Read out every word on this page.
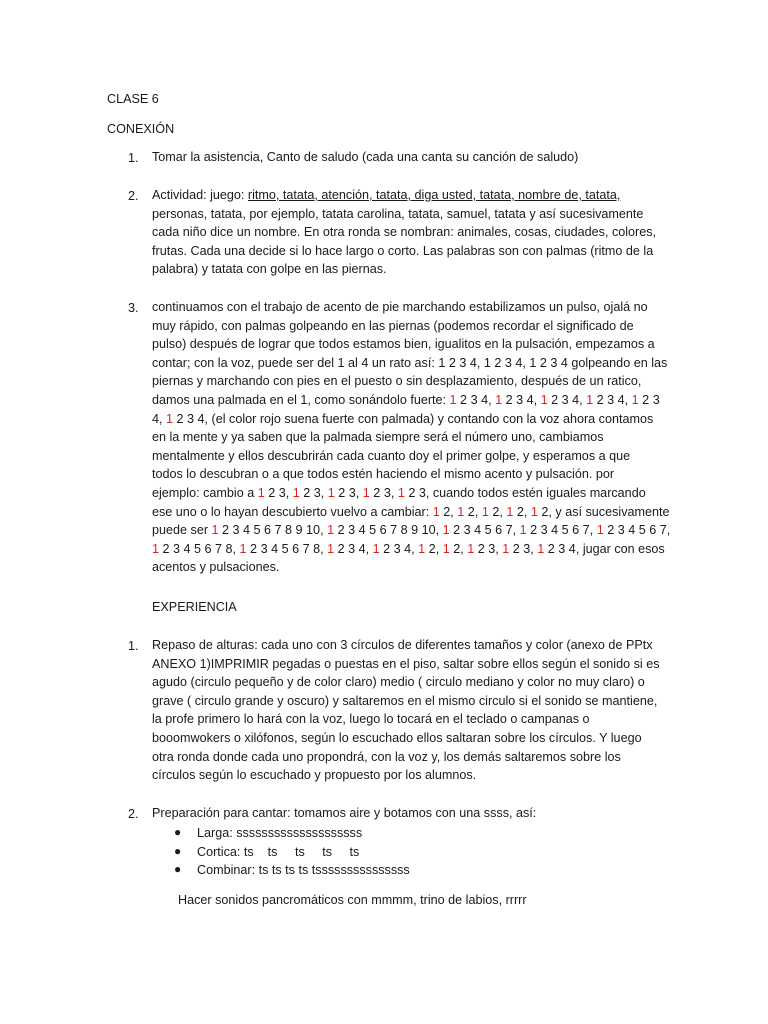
CLASE 6
CONEXIÓN
1.	Tomar la asistencia, Canto de saludo (cada una canta su canción de saludo)
2.	Actividad: juego: ritmo, tatata, atención, tatata, diga usted, tatata, nombre de, tatata,
personas, tatata, por ejemplo, tatata carolina, tatata, samuel, tatata y así sucesivamente
cada niño dice un nombre. En otra ronda se nombran: animales, cosas, ciudades, colores,
frutas. Cada una decide si lo hace largo o corto. Las palabras son con palmas (ritmo de la
palabra) y tatata con golpe en las piernas.
3.	continuamos con el trabajo de acento de pie marchando estabilizamos un pulso, ojalá no
muy rápido, con palmas golpeando en las piernas (podemos recordar el significado de
pulso) después de lograr que todos estamos bien, igualitos en la pulsación, empezamos a
contar; con la voz, puede ser del 1 al 4 un rato así: 1 2 3 4, 1 2 3 4, 1 2 3 4 golpeando en las
piernas y marchando con pies en el puesto o sin desplazamiento, después de un ratico,
damos una palmada en el 1, como sonándolo fuerte: 1 2 3 4, 1 2 3 4, 1 2 3 4, 1 2 3 4, 1 2 3
4, 1 2 3 4, (el color rojo suena fuerte con palmada) y contando con la voz ahora contamos
en la mente y ya saben que la palmada siempre será el número uno, cambiamos
mentalmente y ellos descubrirán cada cuanto doy el primer golpe, y esperamos a que
todos lo descubran o a que todos estén haciendo el mismo acento y pulsación. por
ejemplo: cambio a 1 2 3, 1 2 3, 1 2 3, 1 2 3, 1 2 3, cuando todos estén iguales marcando
ese uno o lo hayan descubierto vuelvo a cambiar: 1 2, 1 2, 1 2, 1 2, 1 2, y así sucesivamente
puede ser 1 2 3 4 5 6 7 8 9 10, 1 2 3 4 5 6 7 8 9 10, 1 2 3 4 5 6 7, 1 2 3 4 5 6 7, 1 2 3 4 5 6 7,
1 2 3 4 5 6 7 8, 1 2 3 4 5 6 7 8, 1 2 3 4, 1 2 3 4, 1 2, 1 2, 1 2 3, 1 2 3, 1 2 3 4, jugar con esos
acentos y pulsaciones.
EXPERIENCIA
1.	Repaso de alturas: cada uno con 3 círculos de diferentes tamaños y color (anexo de PPtx
ANEXO 1)IMPRIMIR pegadas o puestas en el piso, saltar sobre ellos según el sonido si es
agudo (circulo pequeño y de color claro) medio ( circulo mediano y color no muy claro) o
grave ( circulo grande y oscuro) y saltaremos en el mismo circulo si el sonido se mantiene,
la profe primero lo hará con la voz, luego lo tocará en el teclado o campanas o
booomwokers o xilófonos, según lo escuchado ellos saltaran sobre los círculos. Y luego
otra ronda donde cada uno propondrá, con la voz y, los demás saltaremos sobre los
círculos según lo escuchado y propuesto por los alumnos.
2.	Preparación para cantar: tomamos aire y botamos con una ssss, así:
● Larga: ssssssssssssssssssss
● Cortica: ts    ts     ts     ts     ts
● Combinar: ts ts ts ts tsssssssssssssss
Hacer sonidos pancromáticos con mmmm, trino de labios, rrrrr
